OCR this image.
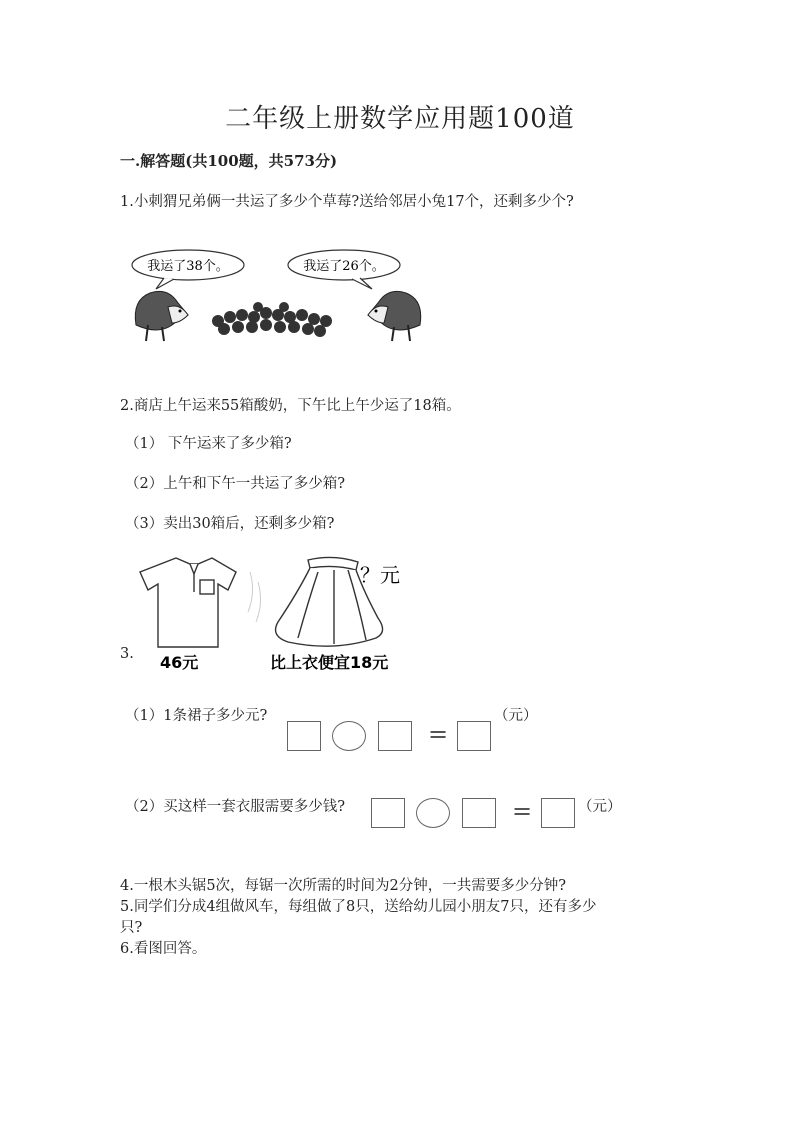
二年级上册数学应用题100道
一.解答题(共100题，共573分)
1.小刺猬兄弟俩一共运了多少个草莓?送给邻居小兔17个，还剩多少个?
我运了38个。	我运了26个。
2.商店上午运来55箱酸奶，下午比上午少运了18箱。
（1） 下午运来了多少箱?
（2）上午和下午一共运了多少箱?
（3）卖出30箱后，还剩多少箱?
3.
？元
46元	比上衣便宜18元
（1）1条裙子多少元?
=
（元）
（2）买这样一套衣服需要多少钱?	=	（元）
4.一根木头锯5次，每锯一次所需的时间为2分钟，一共需要多少分钟?
5.同学们分成4组做风车，每组做了8只，送给幼儿园小朋友7只，还有多少
只?
6.看图回答。
